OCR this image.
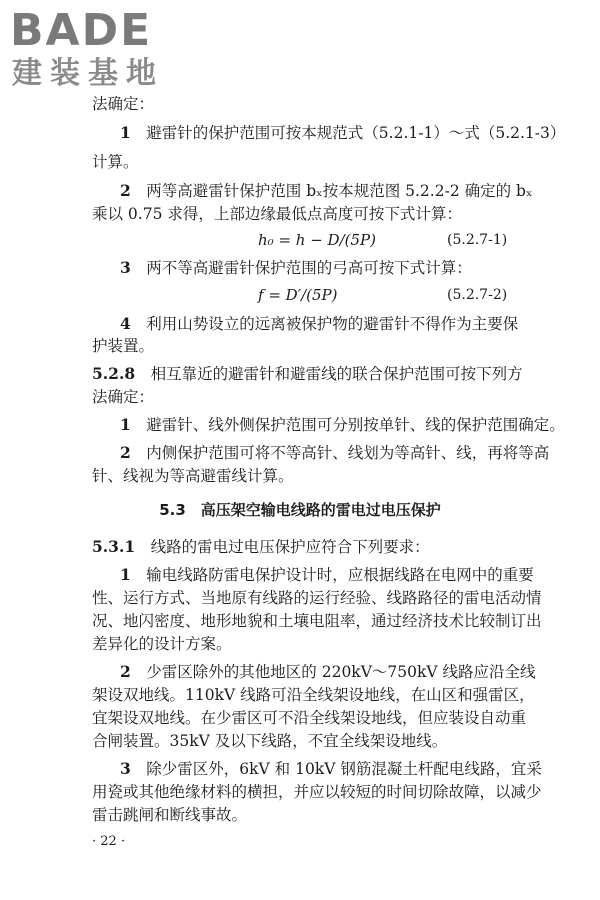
BADE
建装基地
法确定：
1　避雷针的保护范围可按本规范式（5.2.1-1）～式（5.2.1-3）
计算。
2　两等高避雷针保护范围 bₓ按本规范图 5.2.2-2 确定的 bₓ
乘以 0.75 求得，上部边缘最低点高度可按下式计算：
h₀ = h − D/(5P)	(5.2.7-1)
3　两不等高避雷针保护范围的弓高可按下式计算：
f = D′/(5P)	(5.2.7-2)
4　利用山势设立的远离被保护物的避雷针不得作为主要保
护装置。
5.2.8　相互靠近的避雷针和避雷线的联合保护范围可按下列方
法确定：
1　避雷针、线外侧保护范围可分别按单针、线的保护范围确定。
2　内侧保护范围可将不等高针、线划为等高针、线，再将等高
针、线视为等高避雷线计算。
5.3　高压架空输电线路的雷电过电压保护
5.3.1　线路的雷电过电压保护应符合下列要求：
1　输电线路防雷电保护设计时，应根据线路在电网中的重要
性、运行方式、当地原有线路的运行经验、线路路径的雷电活动情
况、地闪密度、地形地貌和土壤电阻率，通过经济技术比较制订出
差异化的设计方案。
2　少雷区除外的其他地区的 220kV～750kV 线路应沿全线
架设双地线。110kV 线路可沿全线架设地线，在山区和强雷区，
宜架设双地线。在少雷区可不沿全线架设地线，但应装设自动重
合闸装置。35kV 及以下线路，不宜全线架设地线。
3　除少雷区外，6kV 和 10kV 钢筋混凝土杆配电线路，宜采
用瓷或其他绝缘材料的横担，并应以较短的时间切除故障，以减少
雷击跳闸和断线事故。
· 22 ·
